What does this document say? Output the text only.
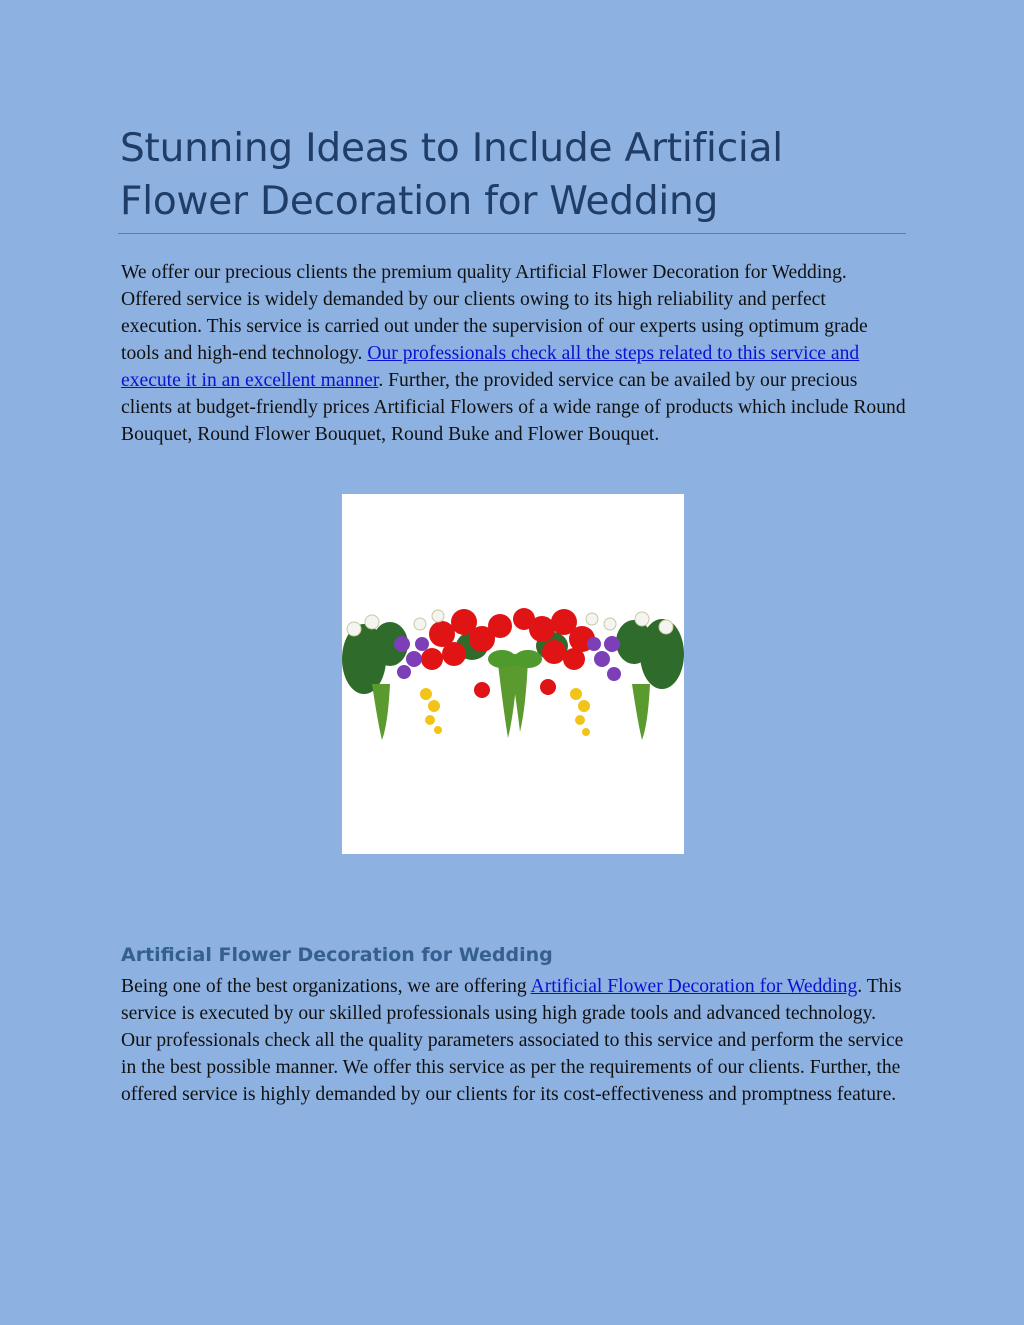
Stunning Ideas to Include Artificial Flower Decoration for Wedding

We offer our precious clients the premium quality Artificial Flower Decoration for Wedding. Offered service is widely demanded by our clients owing to its high reliability and perfect execution. This service is carried out under the supervision of our experts using optimum grade tools and high-end technology. Our professionals check all the steps related to this service and execute it in an excellent manner. Further, the provided service can be availed by our precious clients at budget-friendly prices Artificial Flowers of a wide range of products which include Round Bouquet, Round Flower Bouquet, Round Buke and Flower Bouquet.

Artificial Flower Decoration for Wedding

Being one of the best organizations, we are offering Artificial Flower Decoration for Wedding. This service is executed by our skilled professionals using high grade tools and advanced technology. Our professionals check all the quality parameters associated to this service and perform the service in the best possible manner. We offer this service as per the requirements of our clients. Further, the offered service is highly demanded by our clients for its cost-effectiveness and promptness feature.
